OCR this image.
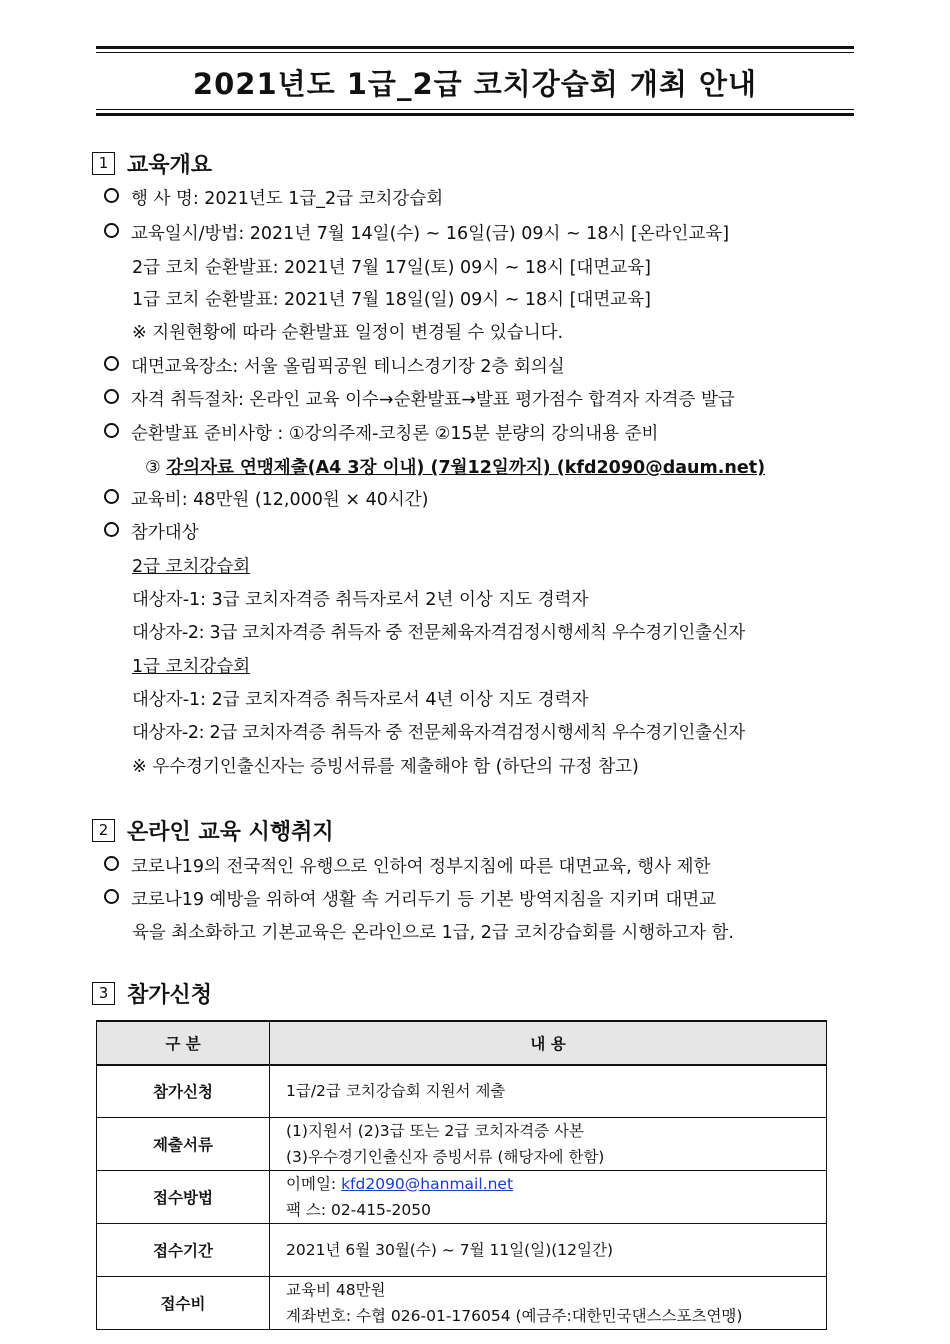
2021년도 1급_2급 코치강습회 개최 안내
1 교육개요
행 사 명: 2021년도 1급_2급 코치강습회
교육일시/방법: 2021년 7월 14일(수) ~ 16일(금) 09시 ~ 18시 [온라인교육]
2급 코치 순환발표: 2021년 7월 17일(토) 09시 ~ 18시 [대면교육]
1급 코치 순환발표: 2021년 7월 18일(일) 09시 ~ 18시 [대면교육]
※ 지원현황에 따라 순환발표 일정이 변경될 수 있습니다.
대면교육장소: 서울 올림픽공원 테니스경기장 2층 회의실
자격 취득절차: 온라인 교육 이수→순환발표→발표 평가점수 합격자 자격증 발급
순환발표 준비사항 : ①강의주제-코칭론 ②15분 분량의 강의내용 준비
③ 강의자료 연맹제출(A4 3장 이내) (7월12일까지) (kfd2090@daum.net)
교육비: 48만원 (12,000원 × 40시간)
참가대상
2급 코치강습회
대상자-1: 3급 코치자격증 취득자로서 2년 이상 지도 경력자
대상자-2: 3급 코치자격증 취득자 중 전문체육자격검정시행세칙 우수경기인출신자
1급 코치강습회
대상자-1: 2급 코치자격증 취득자로서 4년 이상 지도 경력자
대상자-2: 2급 코치자격증 취득자 중 전문체육자격검정시행세칙 우수경기인출신자
※ 우수경기인출신자는 증빙서류를 제출해야 함 (하단의 규정 참고)
2 온라인 교육 시행취지
코로나19의 전국적인 유행으로 인하여 정부지침에 따른 대면교육, 행사 제한
코로나19 예방을 위하여 생활 속 거리두기 등 기본 방역지침을 지키며 대면교
육을 최소화하고 기본교육은 온라인으로 1급, 2급 코치강습회를 시행하고자 함.
3 참가신청
구 분	내 용
참가신청	1급/2급 코치강습회 지원서 제출

제출서류	(1)지원서 (2)3급 또는 2급 코치자격증 사본
(3)우수경기인출신자 증빙서류 (해당자에 한함)

접수방법	이메일: kfd2090@hanmail.net
팩 스: 02-415-2050

접수기간	2021년 6월 30월(수) ~ 7월 11일(일)(12일간)

접수비	교육비 48만원
계좌번호: 수협 026-01-176054 (예금주:대한민국댄스스포츠연맹)
